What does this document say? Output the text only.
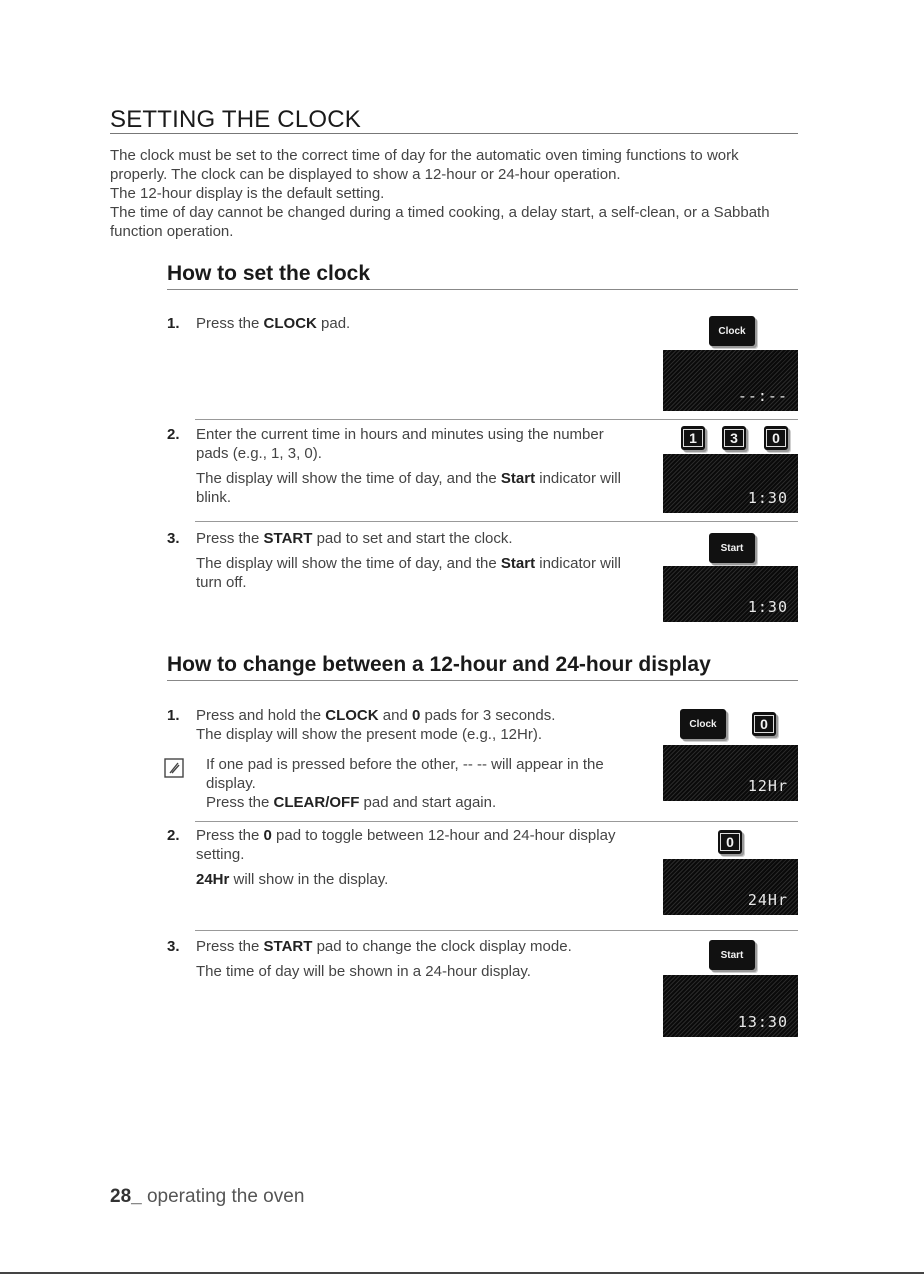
SETTING THE CLOCK

The clock must be set to the correct time of day for the automatic oven timing functions to work properly. The clock can be displayed to show a 12-hour or 24-hour operation.

The 12-hour display is the default setting.

The time of day cannot be changed during a timed cooking, a delay start, a self-clean, or a Sabbath function operation.

How to set the clock
1. Press the CLOCK pad.	Clock
--:--
2. Enter the current time in hours and minutes using the number pads (e.g., 1, 3, 0).

The display will show the time of day, and the Start indicator will blink.

1	3	0
1:30
3. Press the START pad to set and start the clock.

The display will show the time of day, and the Start indicator will turn off.

Start
1:30
How to change between a 12-hour and 24-hour display
1. Press and hold the CLOCK and 0 pads for 3 seconds.

The display will show the present mode (e.g., 12Hr).

If one pad is pressed before the other, -- -- will appear in the display.

Press the CLEAR/OFF pad and start again.

Clock	0
12Hr
2. Press the 0 pad to toggle between 12-hour and 24-hour display setting.

24Hr will show in the display.

0
24Hr
3. Press the START pad to change the clock display mode.

The time of day will be shown in a 24-hour display.

Start
13:30
28_ operating the oven
